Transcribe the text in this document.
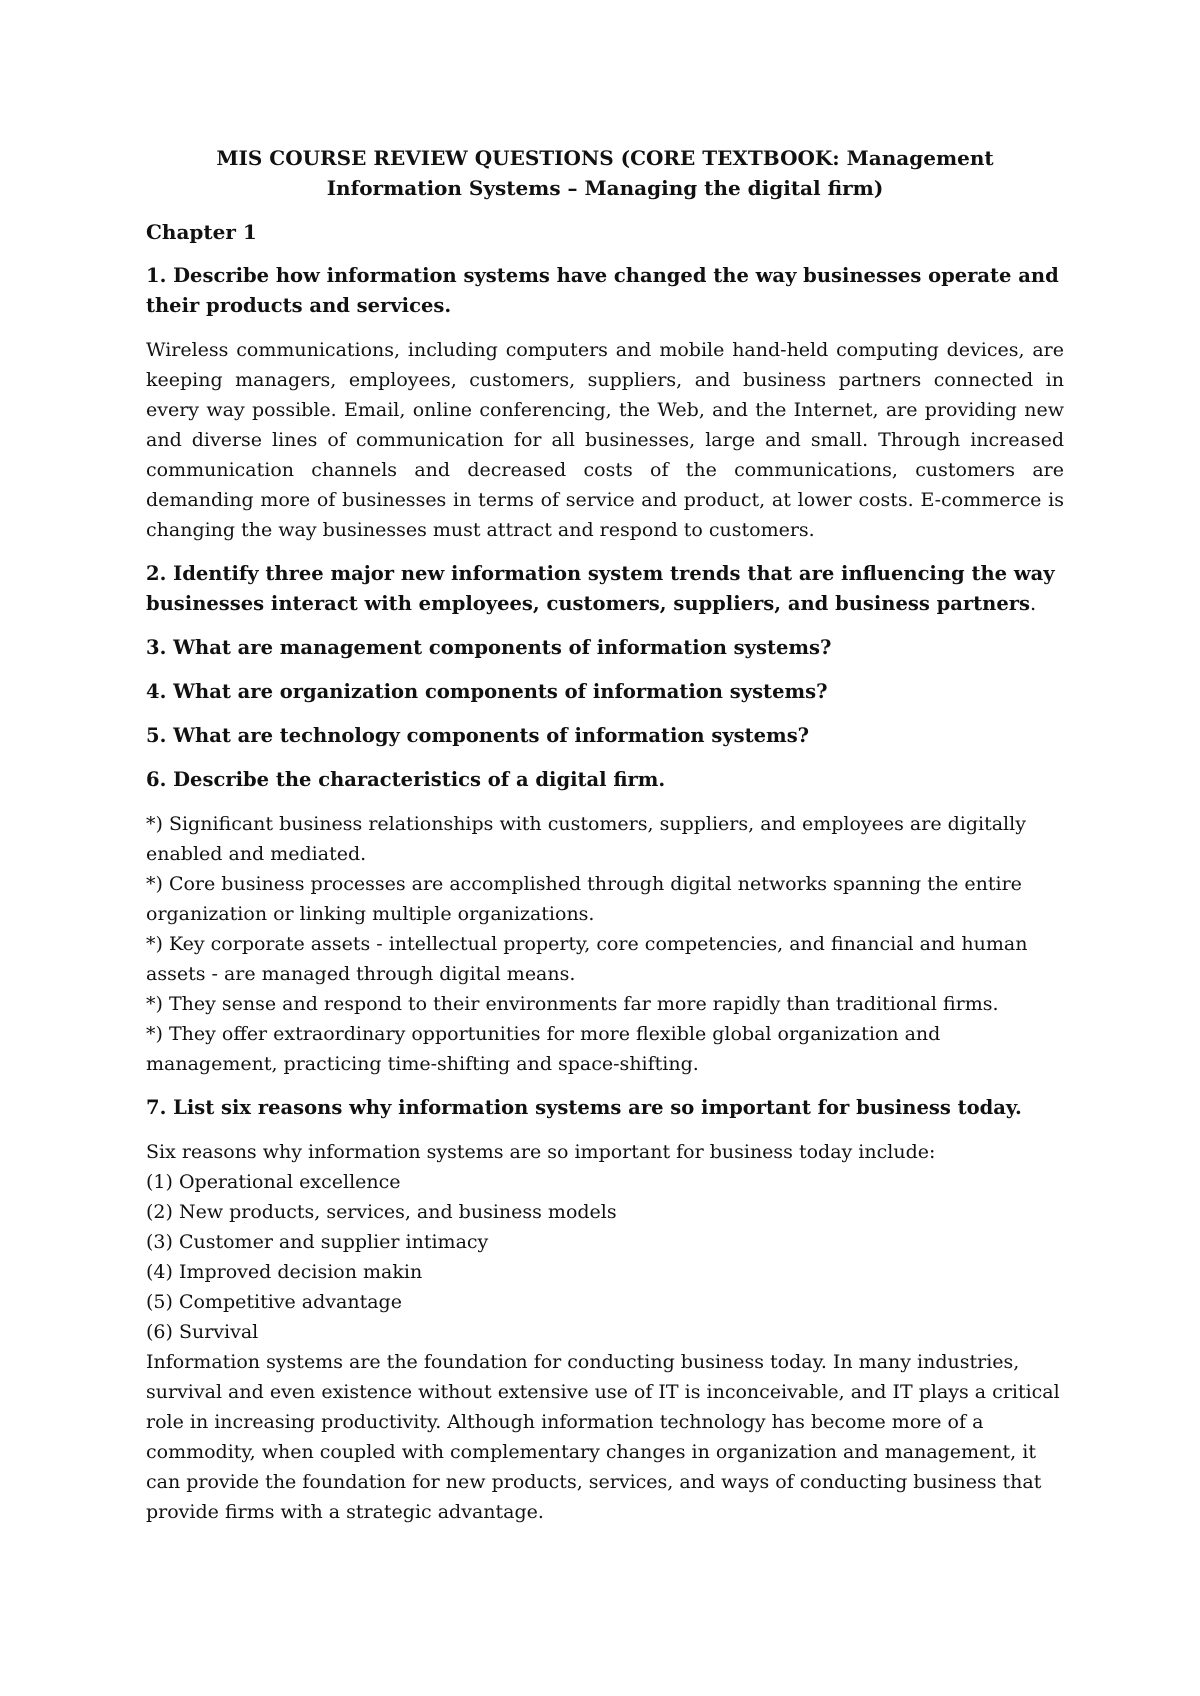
MIS COURSE REVIEW QUESTIONS (CORE TEXTBOOK: Management
Information Systems – Managing the digital firm)
Chapter 1
1. Describe how information systems have changed the way businesses operate and their products and services.
Wireless communications, including computers and mobile hand-held computing devices, are keeping managers, employees, customers, suppliers, and business partners connected in every way possible. Email, online conferencing, the Web, and the Internet, are providing new and diverse lines of communication for all businesses, large and small. Through increased communication channels and decreased costs of the communications, customers are demanding more of businesses in terms of service and product, at lower costs. E-commerce is changing the way businesses must attract and respond to customers.
2. Identify three major new information system trends that are influencing the way businesses interact with employees, customers, suppliers, and business partners.
3. What are management components of information systems?
4. What are organization components of information systems?
5. What are technology components of information systems?
6. Describe the characteristics of a digital firm.
*) Significant business relationships with customers, suppliers, and employees are digitally enabled and mediated.
*) Core business processes are accomplished through digital networks spanning the entire organization or linking multiple organizations.
*) Key corporate assets - intellectual property, core competencies, and financial and human assets - are managed through digital means.
*) They sense and respond to their environments far more rapidly than traditional firms.
*) They offer extraordinary opportunities for more flexible global organization and management, practicing time-shifting and space-shifting.
7. List six reasons why information systems are so important for business today.
Six reasons why information systems are so important for business today include:
(1) Operational excellence
(2) New products, services, and business models
(3) Customer and supplier intimacy
(4) Improved decision makin
(5) Competitive advantage
(6) Survival
Information systems are the foundation for conducting business today. In many industries, survival and even existence without extensive use of IT is inconceivable, and IT plays a critical role in increasing productivity. Although information technology has become more of a commodity, when coupled with complementary changes in organization and management, it can provide the foundation for new products, services, and ways of conducting business that provide firms with a strategic advantage.
